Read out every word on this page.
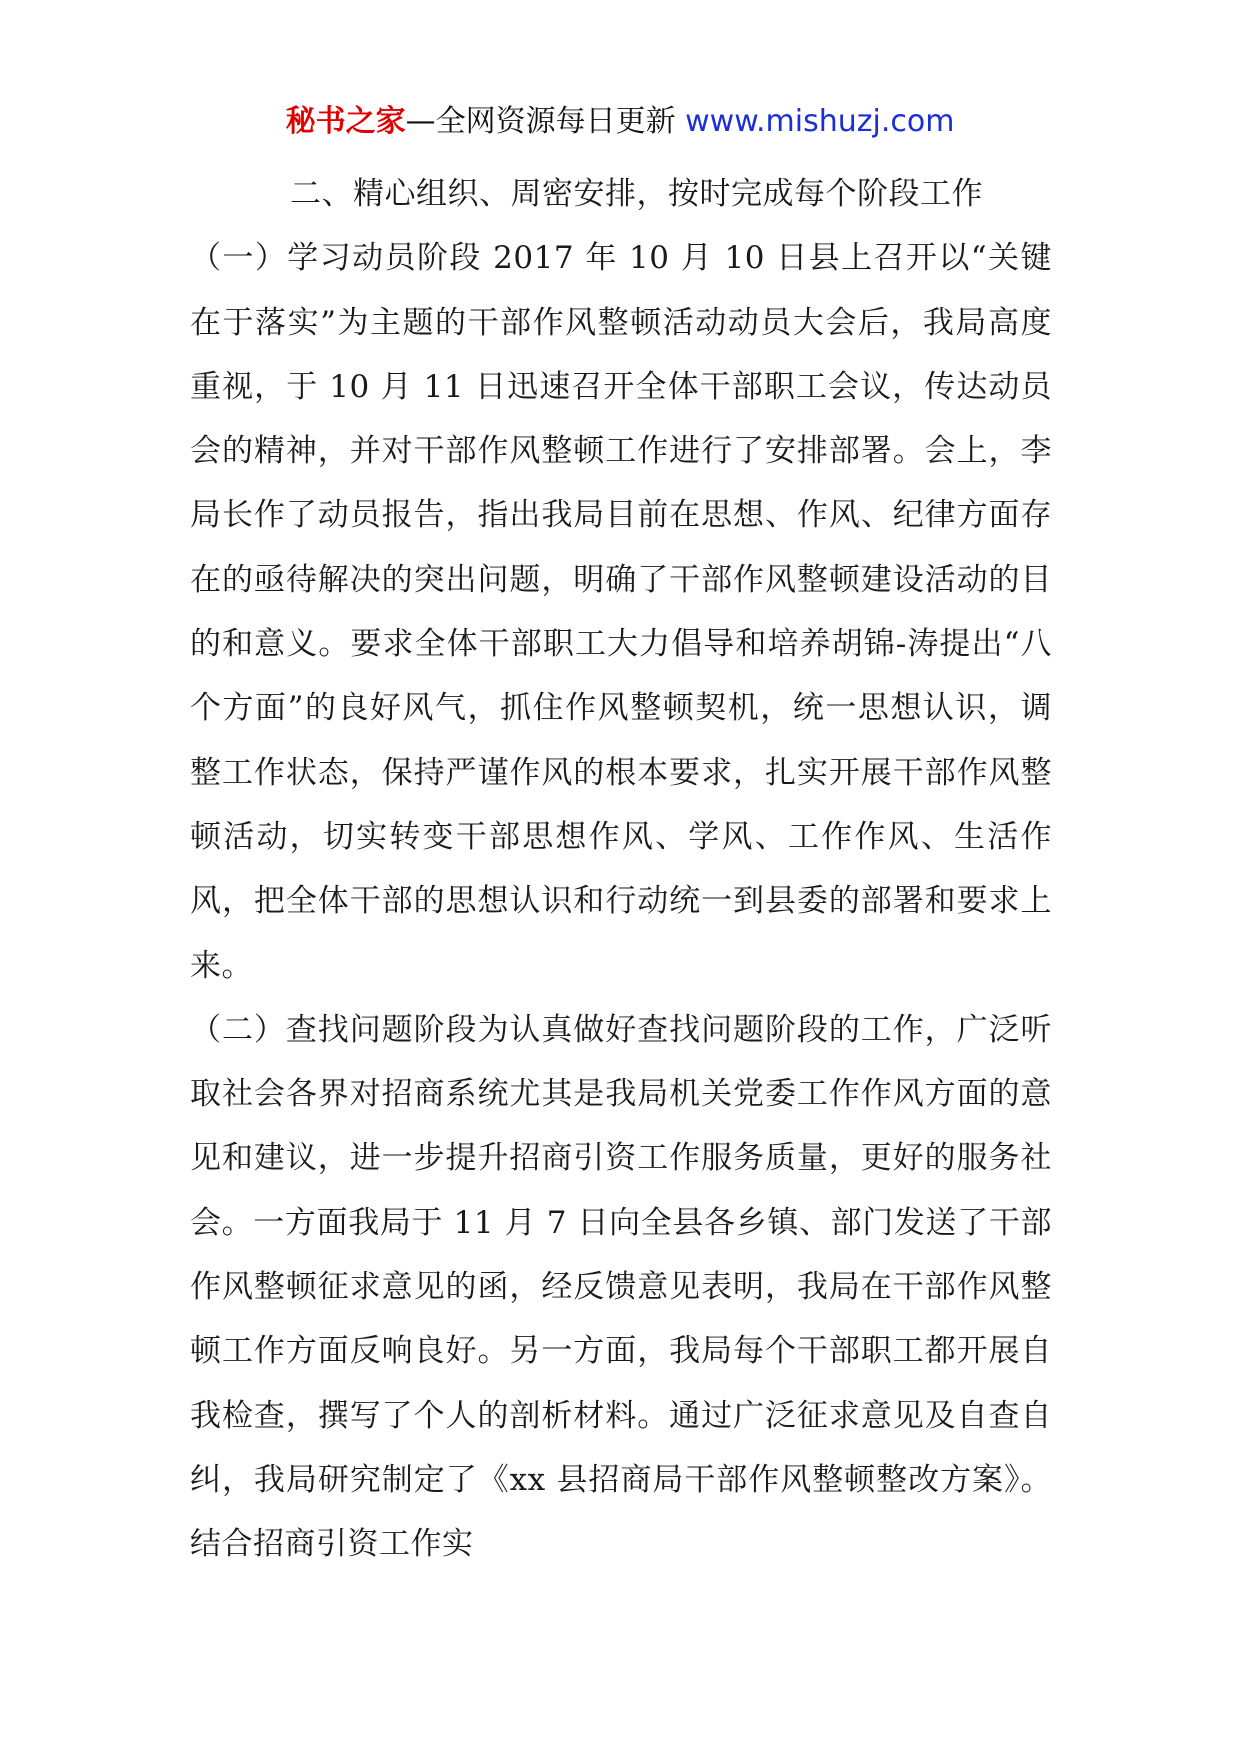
秘书之家—全网资源每日更新 www.mishuzj.com

二、精心组织、周密安排，按时完成每个阶段工作

（一）学习动员阶段 2017 年 10 月 10 日县上召开以“关键在于落实”为主题的干部作风整顿活动动员大会后，我局高度重视，于 10 月 11 日迅速召开全体干部职工会议，传达动员会的精神，并对干部作风整顿工作进行了安排部署。会上，李局长作了动员报告，指出我局目前在思想、作风、纪律方面存在的亟待解决的突出问题，明确了干部作风整顿建设活动的目的和意义。要求全体干部职工大力倡导和培养胡锦-涛提出“八个方面”的良好风气，抓住作风整顿契机，统一思想认识，调整工作状态，保持严谨作风的根本要求，扎实开展干部作风整顿活动，切实转变干部思想作风、学风、工作作风、生活作风，把全体干部的思想认识和行动统一到县委的部署和要求上来。

（二）查找问题阶段为认真做好查找问题阶段的工作，广泛听取社会各界对招商系统尤其是我局机关党委工作作风方面的意见和建议，进一步提升招商引资工作服务质量，更好的服务社会。一方面我局于 11 月 7 日向全县各乡镇、部门发送了干部作风整顿征求意见的函，经反馈意见表明，我局在干部作风整顿工作方面反响良好。另一方面，我局每个干部职工都开展自我检查，撰写了个人的剖析材料。通过广泛征求意见及自查自纠，我局研究制定了《xx 县招商局干部作风整顿整改方案》。结合招商引资工作实
